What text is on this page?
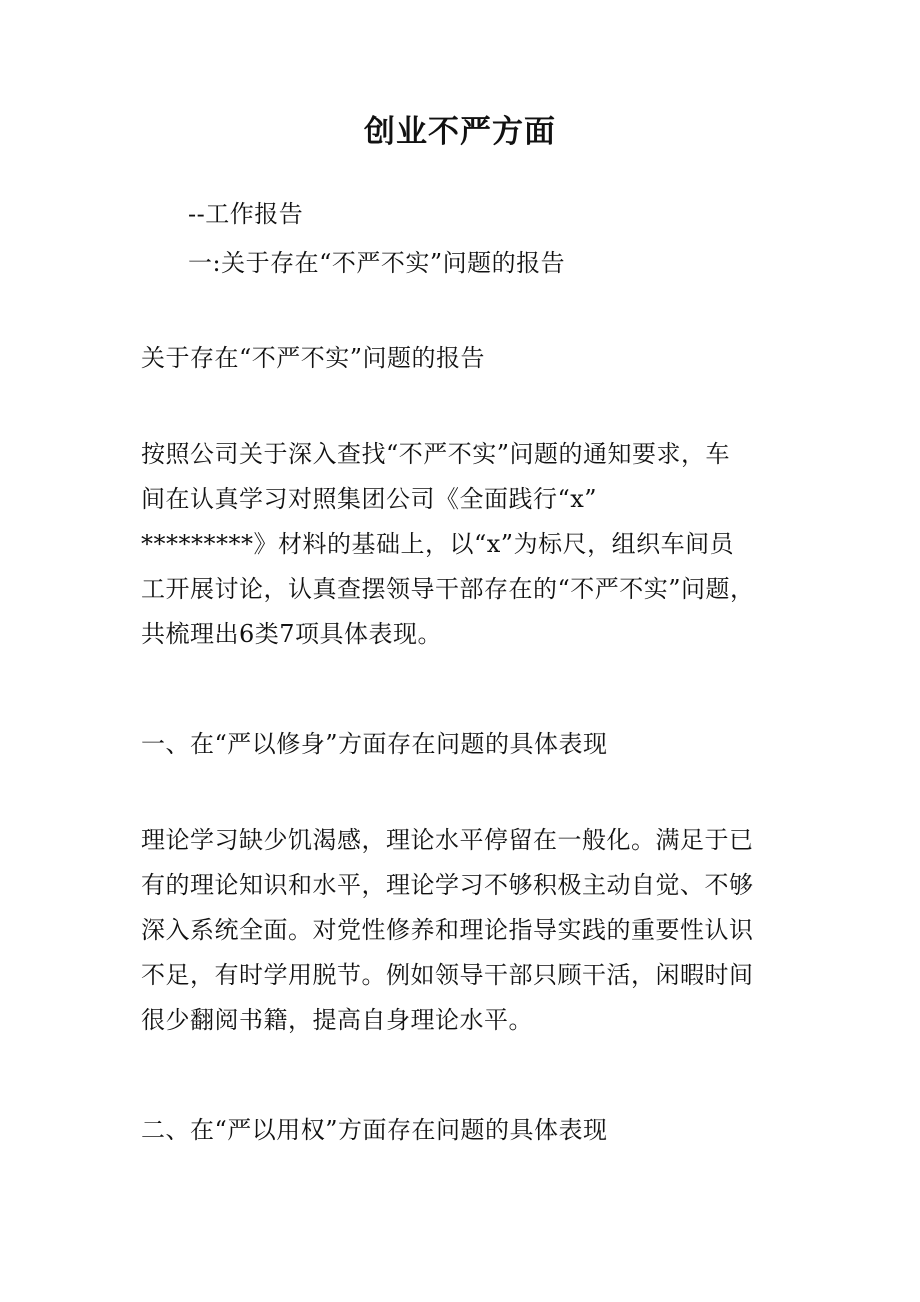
创业不严方面
--工作报告
一:关于存在“不严不实”问题的报告
关于存在“不严不实”问题的报告
按照公司关于深入查找“不严不实”问题的通知要求，车
间在认真学习对照集团公司《全面践行“x”
*********》材料的基础上，以“x”为标尺，组织车间员
工开展讨论，认真查摆领导干部存在的“不严不实”问题，
共梳理出6类7项具体表现。
一、在“严以修身”方面存在问题的具体表现
理论学习缺少饥渴感，理论水平停留在一般化。满足于已
有的理论知识和水平，理论学习不够积极主动自觉、不够
深入系统全面。对党性修养和理论指导实践的重要性认识
不足，有时学用脱节。例如领导干部只顾干活，闲暇时间
很少翻阅书籍，提高自身理论水平。
二、在“严以用权”方面存在问题的具体表现
